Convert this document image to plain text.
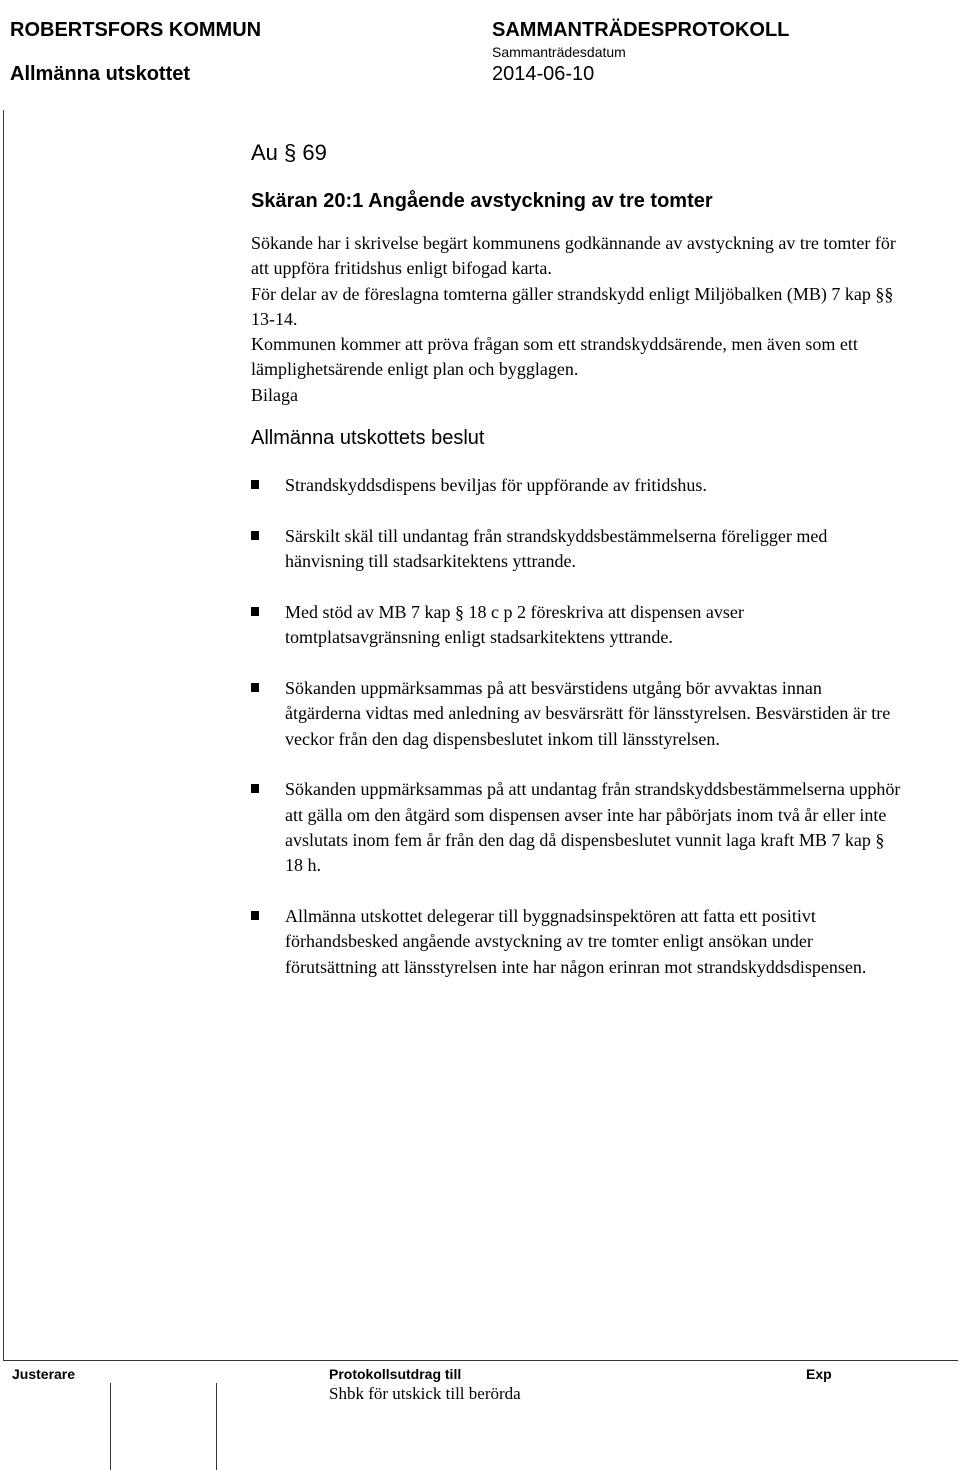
ROBERTSFORS KOMMUN
Allmänna utskottet
SAMMANTRÄDESPROTOKOLL
Sammanträdesdatum
2014-06-10
Au § 69
Skäran 20:1 Angående avstyckning av tre tomter

Sökande har i skrivelse begärt kommunens godkännande av avstyckning av tre tomter för att uppföra fritidshus enligt bifogad karta.

För delar av de föreslagna tomterna gäller strandskydd enligt Miljöbalken (MB) 7 kap §§ 13-14.

Kommunen kommer att pröva frågan som ett strandskyddsärende, men även som ett lämplighetsärende enligt plan och bygglagen.

Bilaga

Allmänna utskottets beslut
Strandskyddsdispens beviljas för uppförande av fritidshus.
Särskilt skäl till undantag från strandskyddsbestämmelserna föreligger med hänvisning till stadsarkitektens yttrande.
Med stöd av MB 7 kap § 18 c p 2 föreskriva att dispensen avser tomtplatsavgränsning enligt stadsarkitektens yttrande.
Sökanden uppmärksammas på att besvärstidens utgång bör avvaktas innan åtgärderna vidtas med anledning av besvärsrätt för länsstyrelsen. Besvärstiden är tre veckor från den dag dispensbeslutet inkom till länsstyrelsen.
Sökanden uppmärksammas på att undantag från strandskyddsbestämmelserna upphör att gälla om den åtgärd som dispensen avser inte har påbörjats inom två år eller inte avslutats inom fem år från den dag då dispensbeslutet vunnit laga kraft MB 7 kap § 18 h.
Allmänna utskottet delegerar till byggnadsinspektören att fatta ett positivt förhandsbesked angående avstyckning av tre tomter enligt ansökan under förutsättning att länsstyrelsen inte har någon erinran mot strandskyddsdispensen.
Justerare	Protokollsutdrag till	Exp
Shbk för utskick till berörda
